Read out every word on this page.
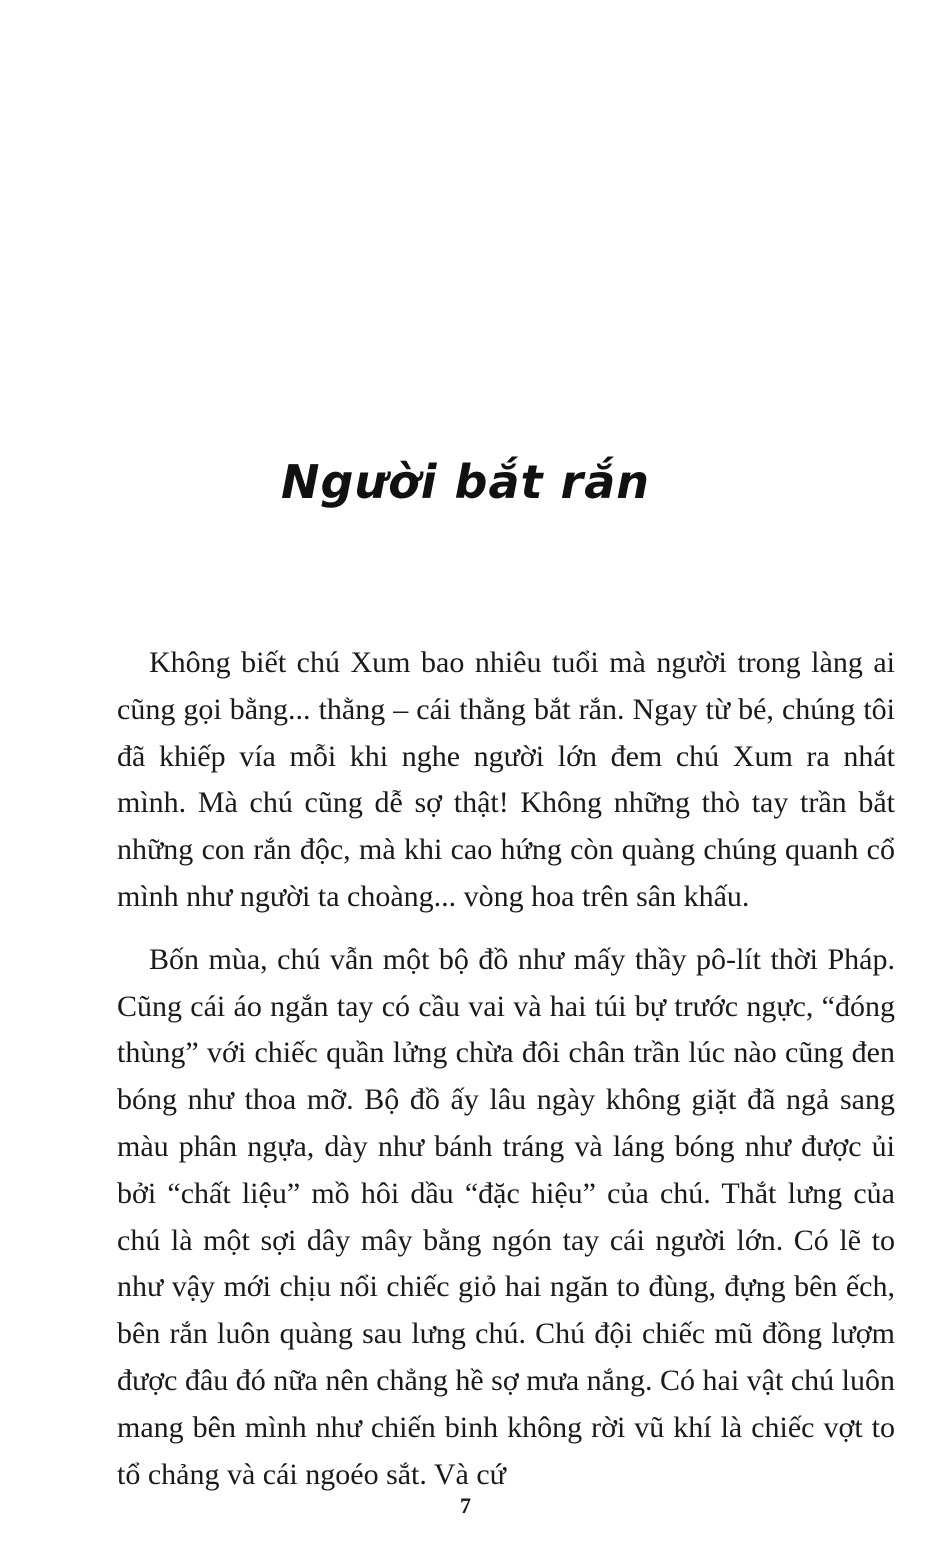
Người bắt rắn

Không biết chú Xum bao nhiêu tuổi mà người trong làng ai cũng gọi bằng... thằng – cái thằng bắt rắn. Ngay từ bé, chúng tôi đã khiếp vía mỗi khi nghe người lớn đem chú Xum ra nhát mình. Mà chú cũng dễ sợ thật! Không những thò tay trần bắt những con rắn độc, mà khi cao hứng còn quàng chúng quanh cổ mình như người ta choàng... vòng hoa trên sân khấu.

Bốn mùa, chú vẫn một bộ đồ như mấy thầy pô-lít thời Pháp. Cũng cái áo ngắn tay có cầu vai và hai túi bự trước ngực, “đóng thùng” với chiếc quần lửng chừa đôi chân trần lúc nào cũng đen bóng như thoa mỡ. Bộ đồ ấy lâu ngày không giặt đã ngả sang màu phân ngựa, dày như bánh tráng và láng bóng như được ủi bởi “chất liệu” mồ hôi dầu “đặc hiệu” của chú. Thắt lưng của chú là một sợi dây mây bằng ngón tay cái người lớn. Có lẽ to như vậy mới chịu nổi chiếc giỏ hai ngăn to đùng, đựng bên ếch, bên rắn luôn quàng sau lưng chú. Chú đội chiếc mũ đồng lượm được đâu đó nữa nên chẳng hề sợ mưa nắng. Có hai vật chú luôn mang bên mình như chiến binh không rời vũ khí là chiếc vợt to tổ chảng và cái ngoéo sắt. Và cứ

7
